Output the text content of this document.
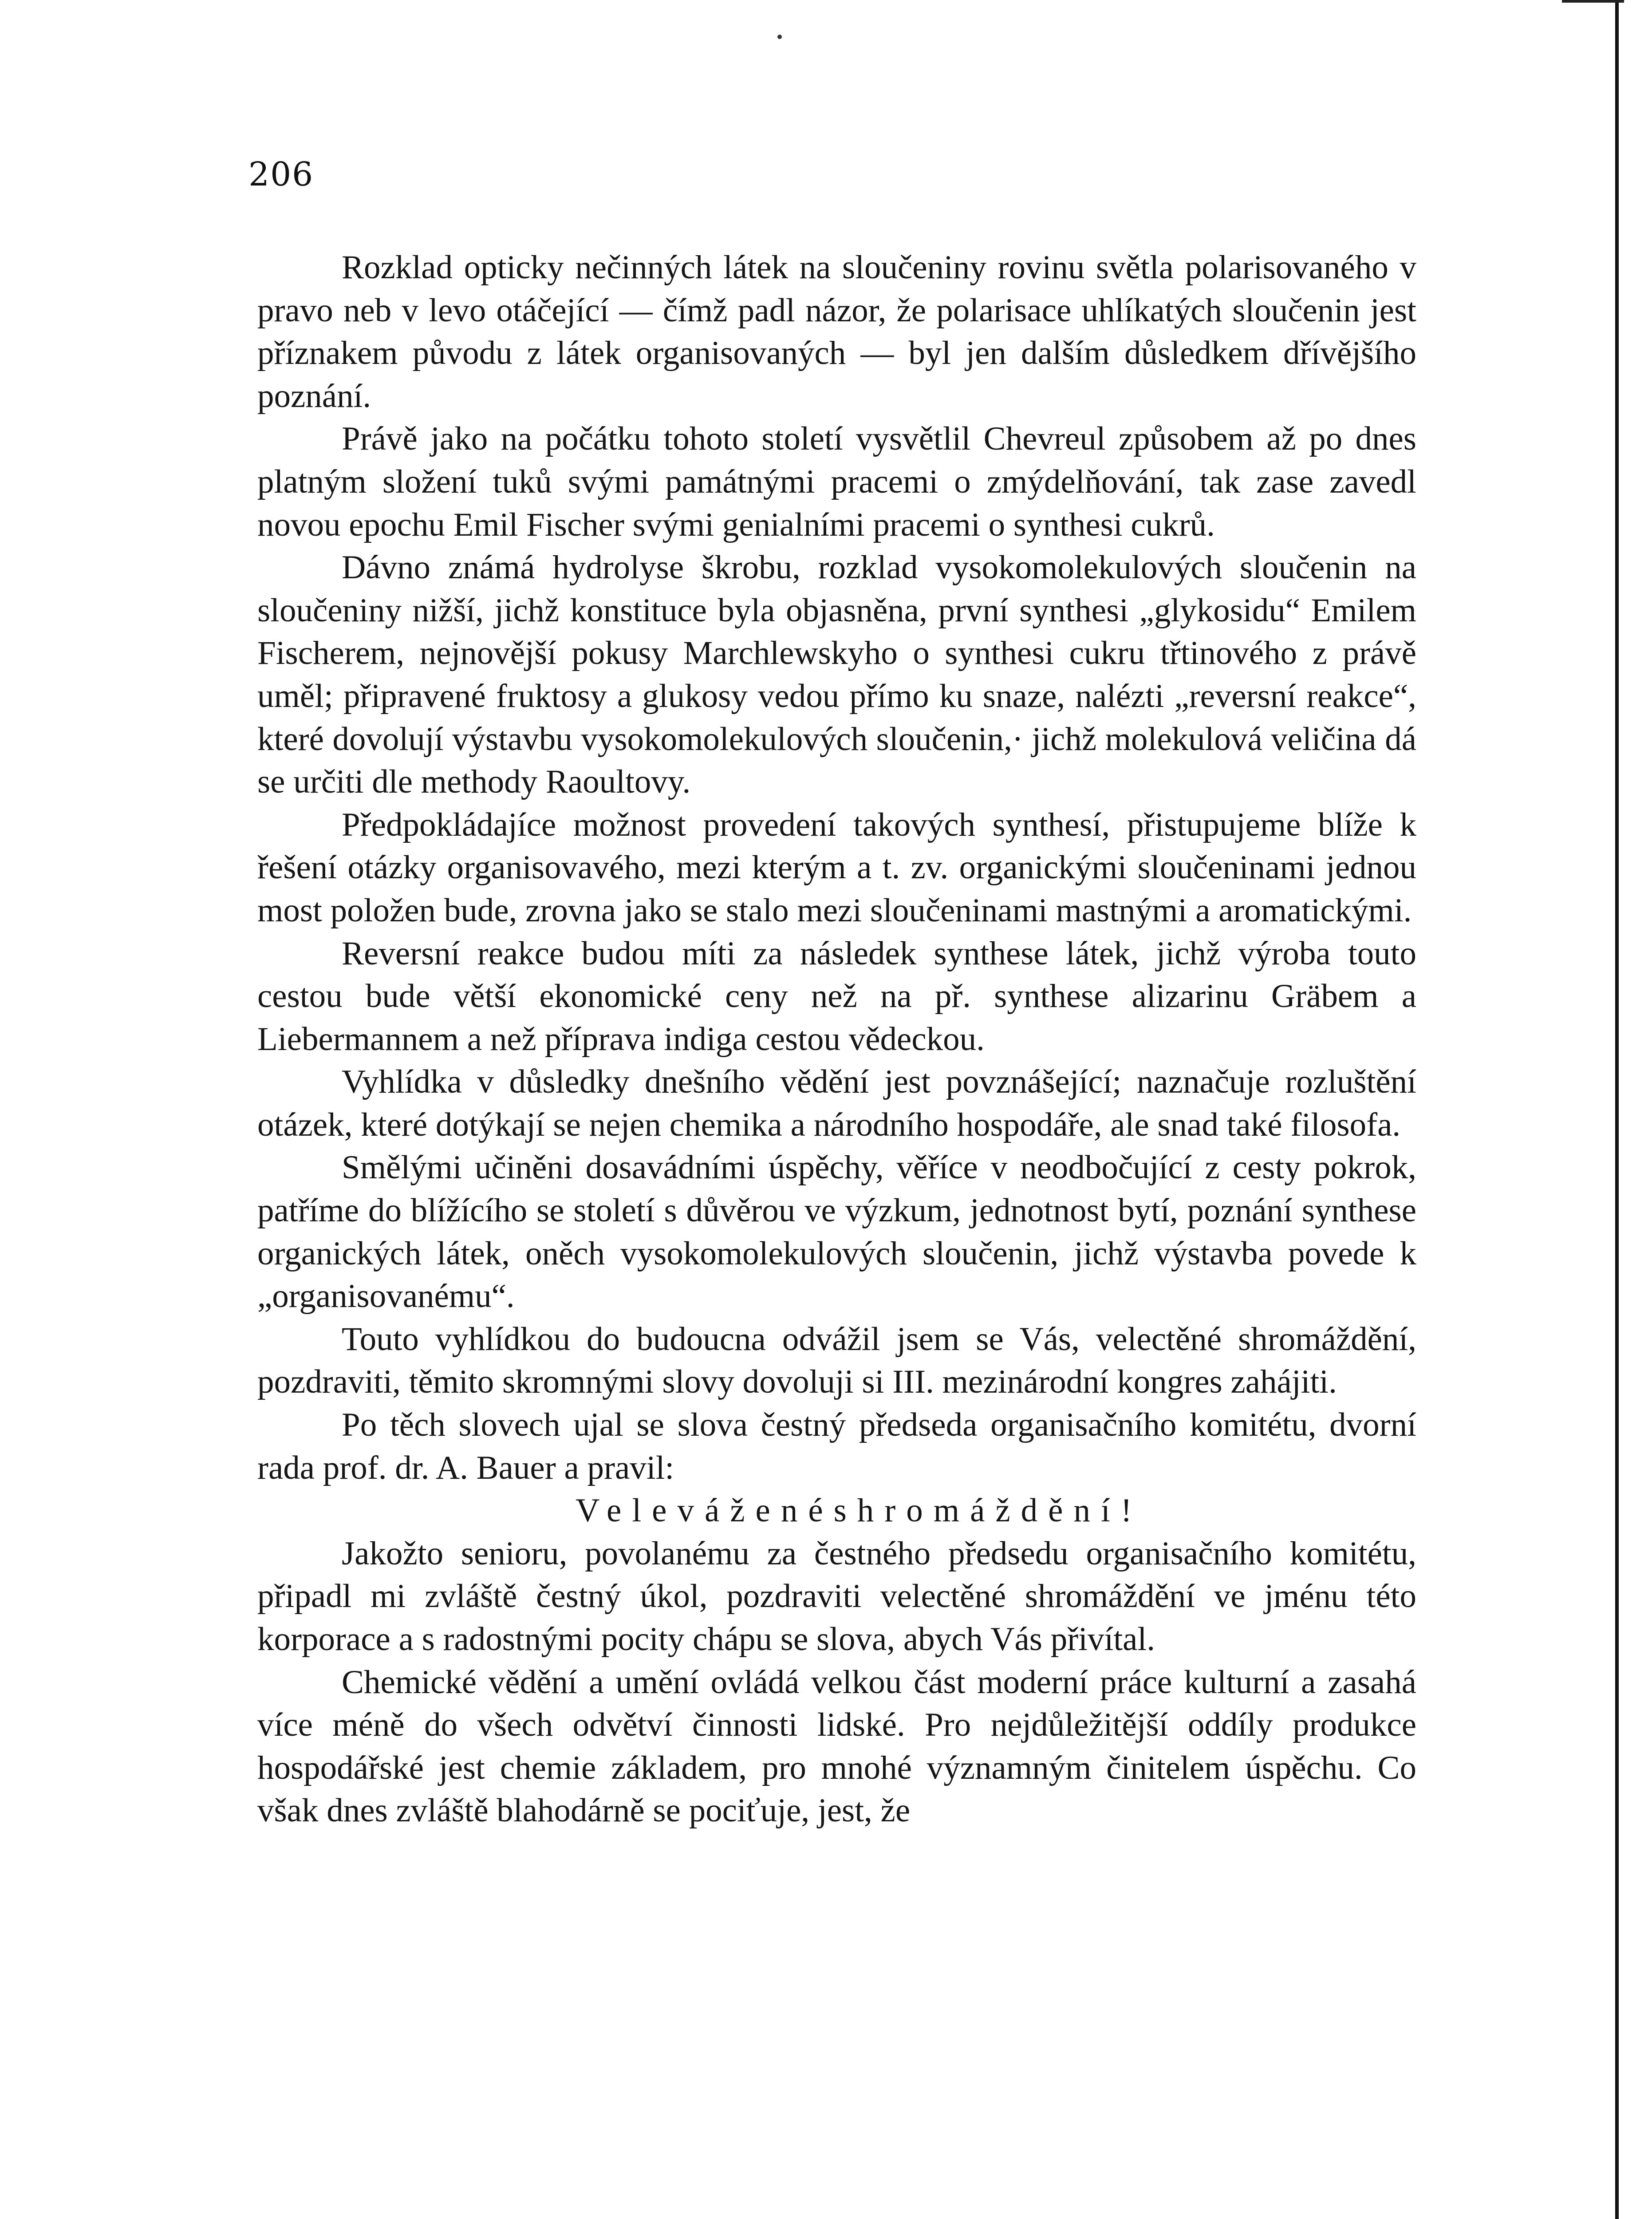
206

Rozklad opticky nečinných látek na sloučeniny rovinu světla polarisovaného v pravo neb v levo otáčející — čímž padl názor, že polarisace uhlíkatých sloučenin jest příznakem původu z látek organisovaných — byl jen dalším důsledkem dřívějšího poznání.

Právě jako na počátku tohoto století vysvětlil Chevreul způsobem až po dnes platným složení tuků svými památnými pracemi o zmýdelňování, tak zase zavedl novou epochu Emil Fischer svými genialními pracemi o synthesi cukrů.

Dávno známá hydrolyse škrobu, rozklad vysokomolekulových sloučenin na sloučeniny nižší, jichž konstituce byla objasněna, první synthesi „glykosidu“ Emilem Fischerem, nejnovější pokusy Marchlewskyho o synthesi cukru třtinového z právě uměl; připravené fruktosy a glukosy vedou přímo ku snaze, nalézti „reversní reakce“, které dovolují výstavbu vysokomolekulových sloučenin,· jichž molekulová veličina dá se určiti dle methody Raoultovy.

Předpokládajíce možnost provedení takových synthesí, přistupujeme blíže k řešení otázky organisovavého, mezi kterým a t. zv. organickými sloučeninami jednou most položen bude, zrovna jako se stalo mezi sloučeninami mastnými a aromatickými.

Reversní reakce budou míti za následek synthese látek, jichž výroba touto cestou bude větší ekonomické ceny než na př. synthese alizarinu Gräbem a Liebermannem a než příprava indiga cestou vědeckou.

Vyhlídka v důsledky dnešního vědění jest povznášející; naznačuje rozluštění otázek, které dotýkají se nejen chemika a národního hospodáře, ale snad také filosofa.

Smělými učiněni dosavádními úspěchy, věříce v neodbočující z cesty pokrok, patříme do blížícího se století s důvěrou ve výzkum, jednotnost bytí, poznání synthese organických látek, oněch vysokomolekulových sloučenin, jichž výstavba povede k „organisovanému“.

Touto vyhlídkou do budoucna odvážil jsem se Vás, velectěné shromáždění, pozdraviti, těmito skromnými slovy dovoluji si III. mezinárodní kongres zahájiti.

Po těch slovech ujal se slova čestný předseda organisačního komitétu, dvorní rada prof. dr. A. Bauer a pravil:

Veleváženéshromáždění!

Jakožto senioru, povolanému za čestného předsedu organisačního komitétu, připadl mi zvláště čestný úkol, pozdraviti velectěné shromáždění ve jménu této korporace a s radostnými pocity chápu se slova, abych Vás přivítal.

Chemické vědění a umění ovládá velkou část moderní práce kulturní a zasahá více méně do všech odvětví činnosti lidské. Pro nejdůležitější oddíly produkce hospodářské jest chemie základem, pro mnohé významným činitelem úspěchu. Co však dnes zvláště blahodárně se pociťuje, jest, že
